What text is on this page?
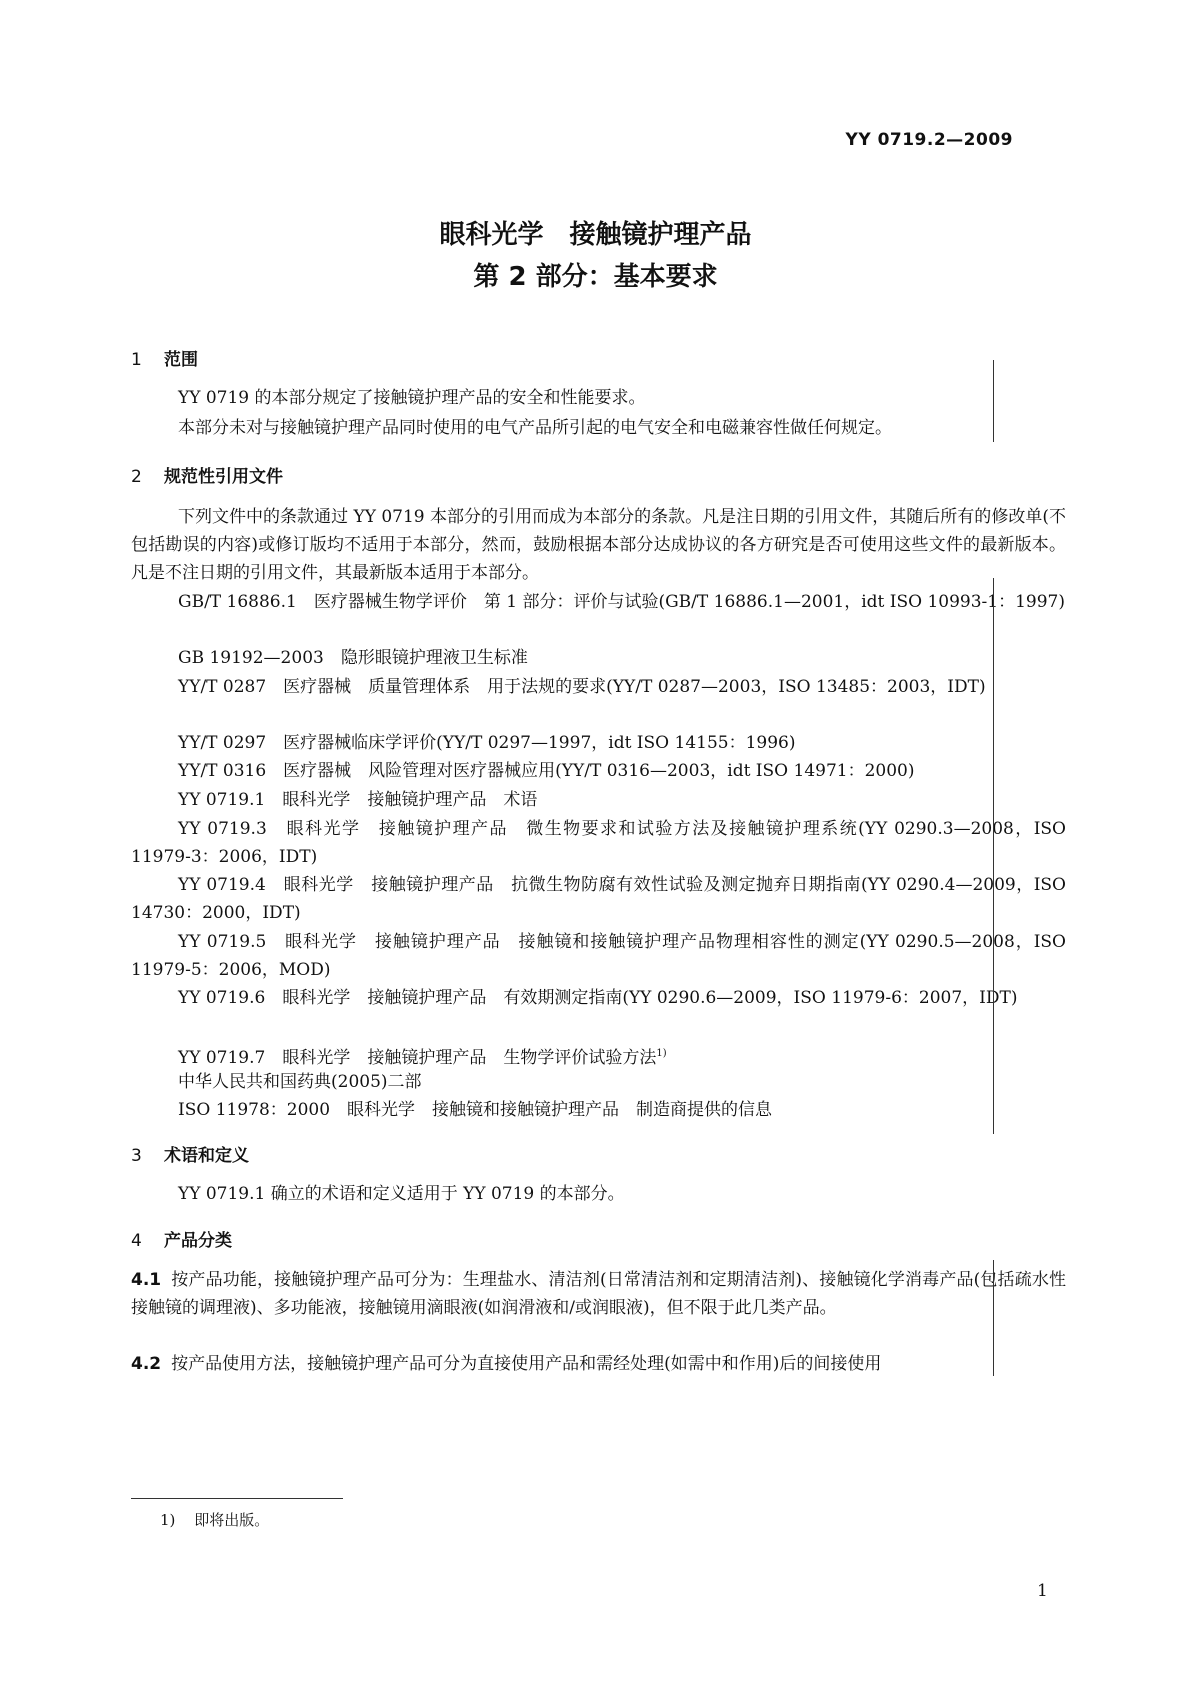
YY 0719.2—2009
眼科光学　接触镜护理产品
第 2 部分：基本要求
1 范围
YY 0719 的本部分规定了接触镜护理产品的安全和性能要求。
本部分未对与接触镜护理产品同时使用的电气产品所引起的电气安全和电磁兼容性做任何规定。
2 规范性引用文件
下列文件中的条款通过 YY 0719 本部分的引用而成为本部分的条款。凡是注日期的引用文件，其随后所有的修改单(不包括勘误的内容)或修订版均不适用于本部分，然而，鼓励根据本部分达成协议的各方研究是否可使用这些文件的最新版本。凡是不注日期的引用文件，其最新版本适用于本部分。
GB/T 16886.1　医疗器械生物学评价　第 1 部分：评价与试验(GB/T 16886.1—2001，idt ISO 10993-1：1997)
GB 19192—2003　隐形眼镜护理液卫生标准
YY/T 0287　医疗器械　质量管理体系　用于法规的要求(YY/T 0287—2003，ISO 13485：2003，IDT)
YY/T 0297　医疗器械临床学评价(YY/T 0297—1997，idt ISO 14155：1996)
YY/T 0316　医疗器械　风险管理对医疗器械应用(YY/T 0316—2003，idt ISO 14971：2000)
YY 0719.1　眼科光学　接触镜护理产品　术语
YY 0719.3　眼科光学　接触镜护理产品　微生物要求和试验方法及接触镜护理系统(YY 0290.3—2008，ISO 11979-3：2006，IDT)
YY 0719.4　眼科光学　接触镜护理产品　抗微生物防腐有效性试验及测定抛弃日期指南(YY 0290.4—2009，ISO 14730：2000，IDT)
YY 0719.5　眼科光学　接触镜护理产品　接触镜和接触镜护理产品物理相容性的测定(YY 0290.5—2008，ISO 11979-5：2006，MOD)
YY 0719.6　眼科光学　接触镜护理产品　有效期测定指南(YY 0290.6—2009，ISO 11979-6：2007，IDT)
YY 0719.7　眼科光学　接触镜护理产品　生物学评价试验方法$^{1)}$
中华人民共和国药典(2005)二部
ISO 11978：2000　眼科光学　接触镜和接触镜护理产品　制造商提供的信息
3 术语和定义
YY 0719.1 确立的术语和定义适用于 YY 0719 的本部分。
4 产品分类
4.1 按产品功能，接触镜护理产品可分为：生理盐水、清洁剂(日常清洁剂和定期清洁剂)、接触镜化学消毒产品(包括疏水性接触镜的调理液)、多功能液，接触镜用滴眼液(如润滑液和/或润眼液)，但不限于此几类产品。
4.2 按产品使用方法，接触镜护理产品可分为直接使用产品和需经处理(如需中和作用)后的间接使用
1) 即将出版。
1
